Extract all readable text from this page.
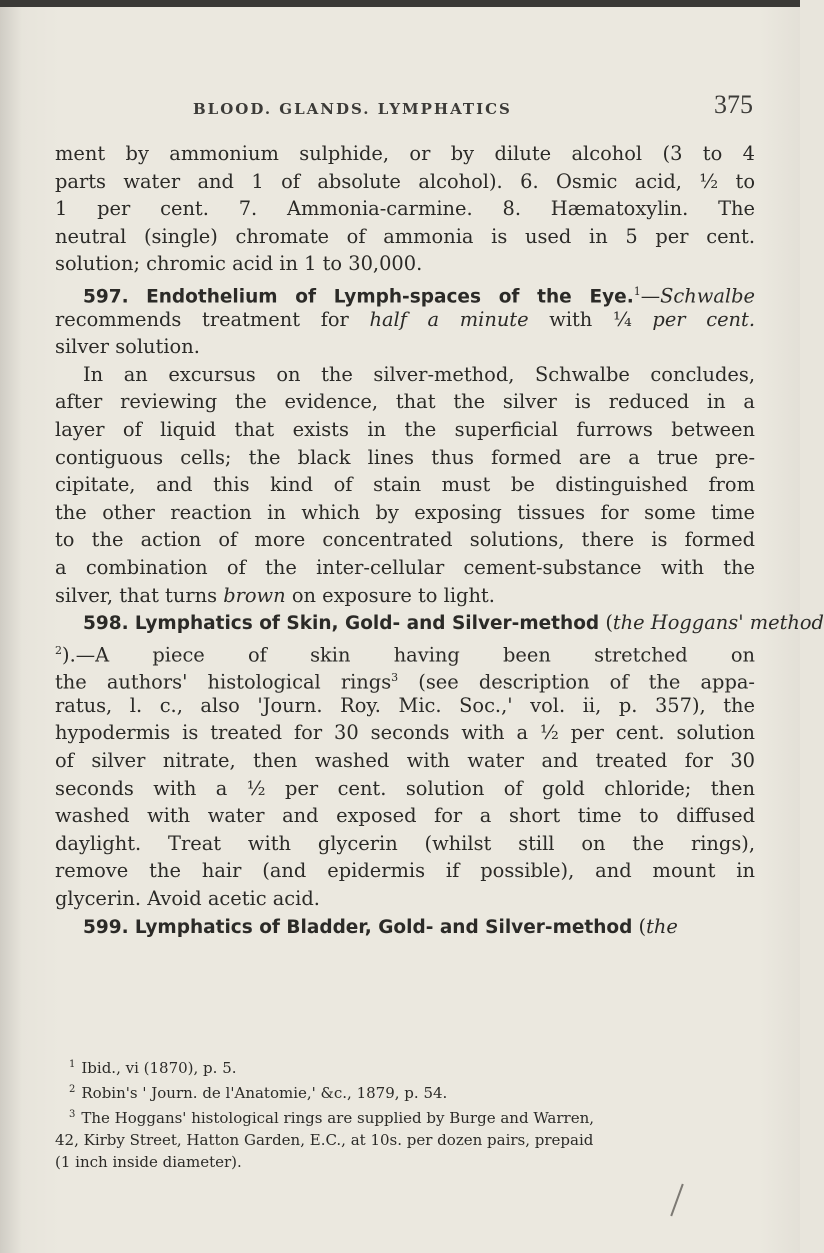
BLOOD. GLANDS. LYMPHATICS	375
ment by ammonium sulphide, or by dilute alcohol (3 to 4
parts water and 1 of absolute alcohol). 6. Osmic acid, ½ to
1 per cent. 7. Ammonia-carmine. 8. Hæmatoxylin. The
neutral (single) chromate of ammonia is used in 5 per cent.
solution; chromic acid in 1 to 30,000.
597. Endothelium of Lymph-spaces of the Eye.$^1$—Schwalbe
recommends treatment for half a minute with ¼ per cent.
silver solution.
In an excursus on the silver-method, Schwalbe concludes,
after reviewing the evidence, that the silver is reduced in a
layer of liquid that exists in the superficial furrows between
contiguous cells; the black lines thus formed are a true pre-
cipitate, and this kind of stain must be distinguished from
the other reaction in which by exposing tissues for some time
to the action of more concentrated solutions, there is formed
a combination of the inter-cellular cement-substance with the
silver, that turns brown on exposure to light.
598. Lymphatics of Skin, Gold- and Silver-method (the Hoggans' method
$^2$).—A piece of skin having been stretched on
the authors' histological rings$^3$ (see description of the appa-
ratus, l. c., also 'Journ. Roy. Mic. Soc.,' vol. ii, p. 357), the
hypodermis is treated for 30 seconds with a ½ per cent. solution
of silver nitrate, then washed with water and treated for 30
seconds with a ½ per cent. solution of gold chloride; then
washed with water and exposed for a short time to diffused
daylight. Treat with glycerin (whilst still on the rings),
remove the hair (and epidermis if possible), and mount in
glycerin. Avoid acetic acid.
599. Lymphatics of Bladder, Gold- and Silver-method (the
$^1$ Ibid., vi (1870), p. 5.
$^2$ Robin's ' Journ. de l'Anatomie,' &c., 1879, p. 54.
$^3$ The Hoggans' histological rings are supplied by Burge and Warren,
42, Kirby Street, Hatton Garden, E.C., at 10s. per dozen pairs, prepaid
(1 inch inside diameter).
